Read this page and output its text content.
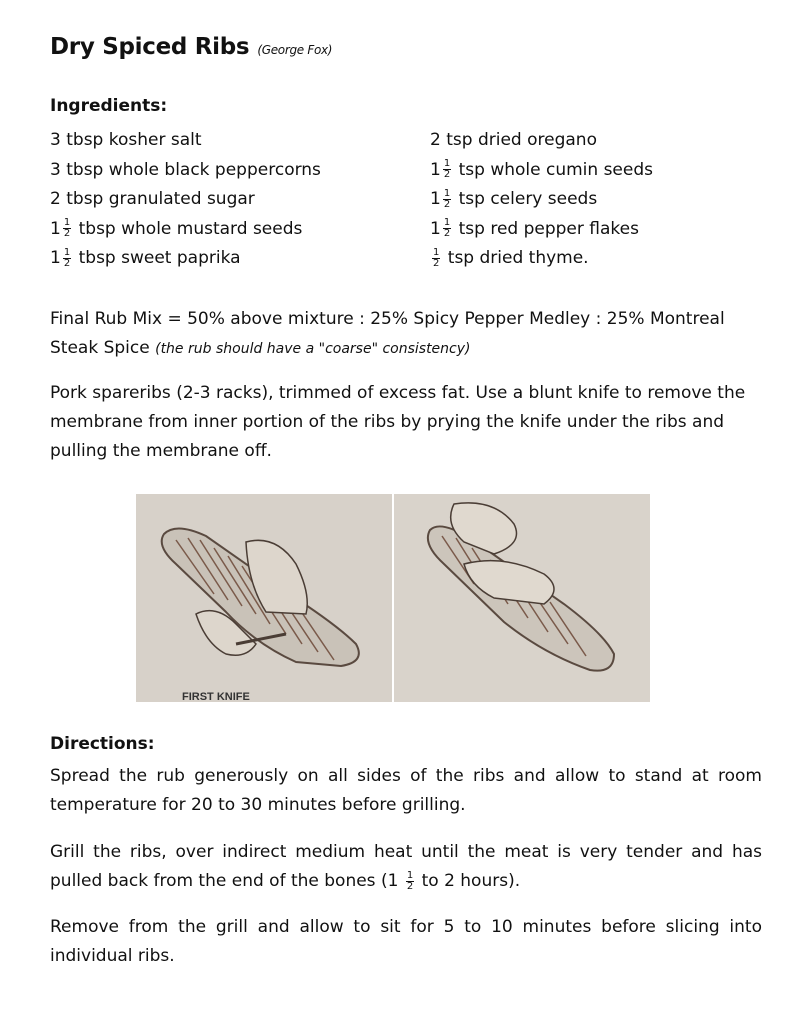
Dry Spiced Ribs (George Fox)
Ingredients:
3 tbsp kosher salt
3 tbsp whole black peppercorns
2 tbsp granulated sugar
$1 \frac{1}{2}$ tbsp whole mustard seeds
$1 \frac{1}{2}$ tbsp sweet paprika
2 tsp dried oregano
$1 \frac{1}{2}$ tsp whole cumin seeds
$1 \frac{1}{2}$ tsp celery seeds
$1 \frac{1}{2}$ tsp red pepper flakes
$\frac{1}{2}$ tsp dried thyme.
Final Rub Mix = 50% above mixture : 25% Spicy Pepper Medley : 25% Montreal Steak Spice (the rub should have a "coarse" consistency)
Pork spareribs (2-3 racks), trimmed of excess fat. Use a blunt knife to remove the membrane from inner portion of the ribs by prying the knife under the ribs and pulling the membrane off.
FIRST KNIFE
Directions:
Spread the rub generously on all sides of the ribs and allow to stand at room temperature for 20 to 30 minutes before grilling.
Grill the ribs, over indirect medium heat until the meat is very tender and has pulled back from the end of the bones ($1 \frac{1}{2}$ to 2 hours).
Remove from the grill and allow to sit for 5 to 10 minutes before slicing into individual ribs.
